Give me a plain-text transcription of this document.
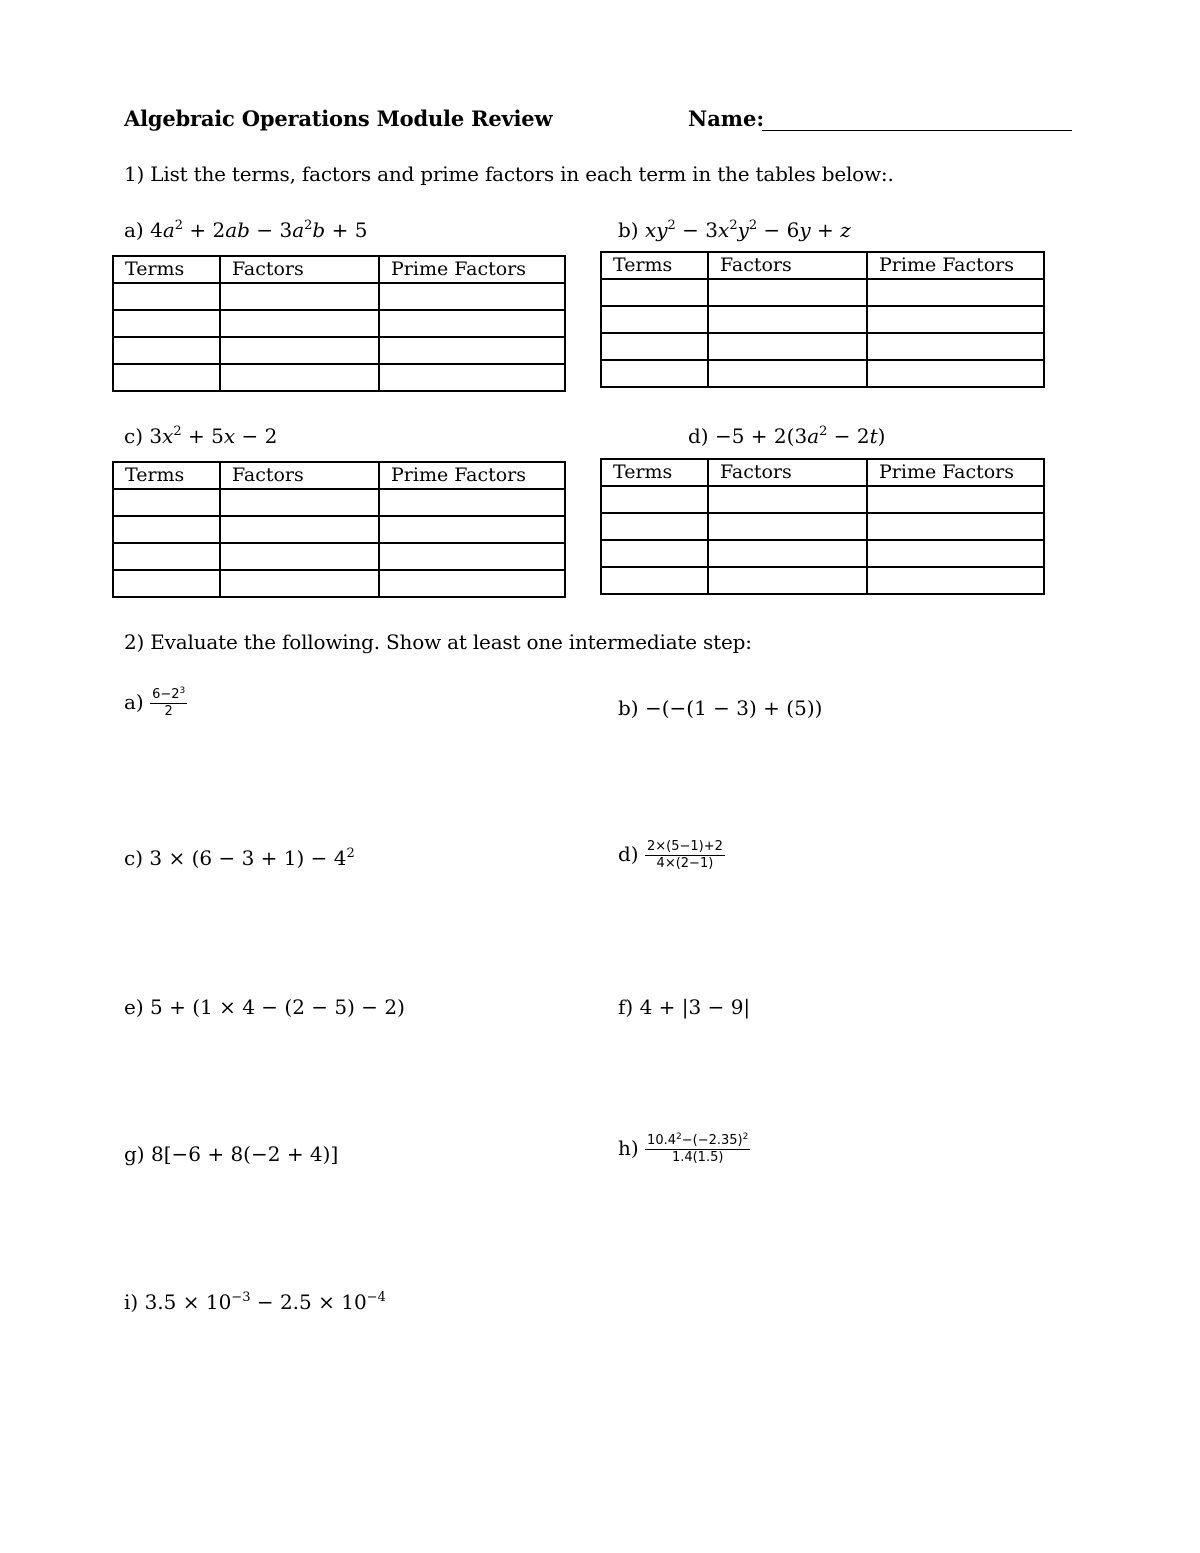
Algebraic Operations Module Review	Name:
1) List the terms, factors and prime factors in each term in the tables below:.
a) $4a^2 + 2ab - 3a^2b + 5$	b) $xy^2 - 3x^2y^2 - 6y + z$
Terms	Factors	Prime Factors

			Terms	Factors	Prime Factors

c) $3x^2 + 5x - 2$	$d) -5 + 2(3a^2 - 2t)$
Terms	Factors	Prime Factors

			Terms	Factors	Prime Factors

2) Evaluate the following. Show at least one intermediate step:
$a) \frac{6-2^3}{2}$	b) −(−(1 − 3) + (5))
c) $3 \times (6 - 3 + 1) - 4^2$	$d) \frac{2\times(5-1)+2}{4\times(2-1)}$
e) 5 + (1 × 4 − (2 − 5) − 2)	f) 4 + |3 − 9|
g) 8[−6 + 8(−2 + 4)]	$h) \frac{10.4^2-(-2.35)^2}{1.4(1.5)}$
i) $3.5 \times 10^{-3} - 2.5 \times 10^{-4}$
